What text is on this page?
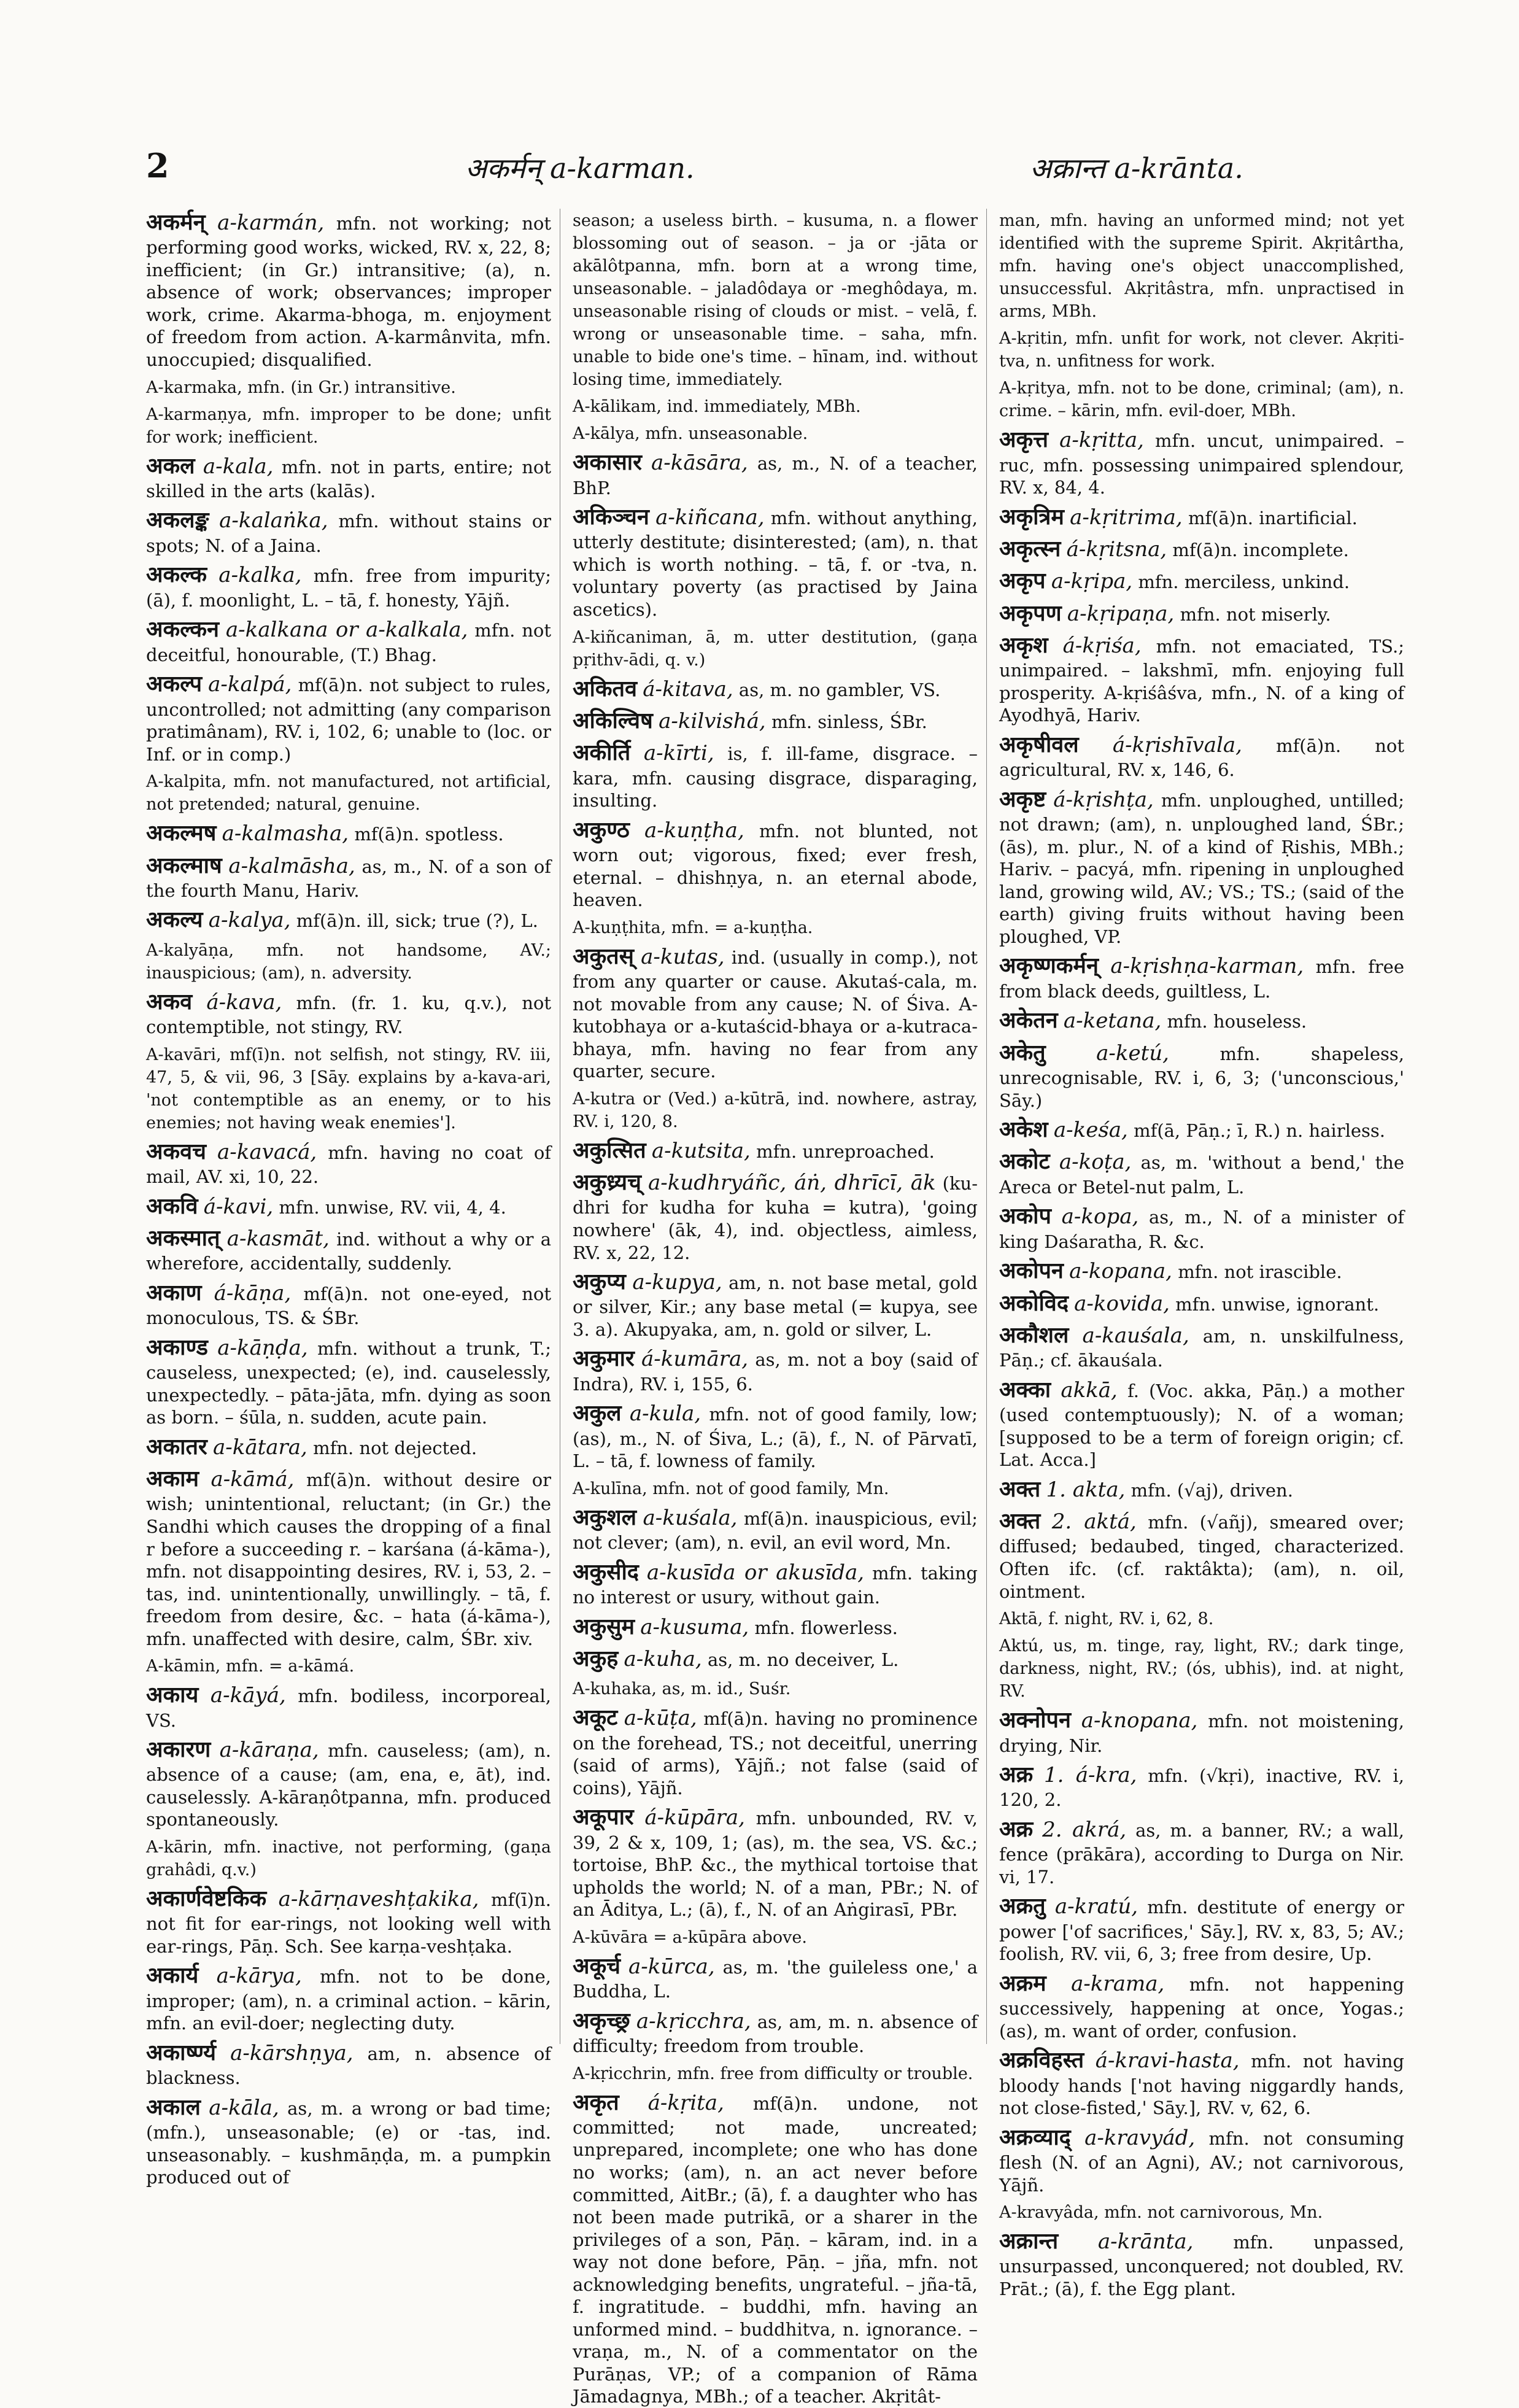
2	अकर्मन् a-karman.	अक्रान्त a-krānta.

अकर्मन् a-karmán, mfn. not working; not performing good works, wicked, RV. x, 22, 8; inefficient; (in Gr.) intransitive; (a), n. absence of work; observances; improper work, crime. Akarma-bhoga, m. enjoyment of freedom from action. A-karmânvita, mfn. unoccupied; disqualified.

A-karmaka, mfn. (in Gr.) intransitive.

A-karmaṇya, mfn. improper to be done; unfit for work; inefficient.

अकल a-kala, mfn. not in parts, entire; not skilled in the arts (kalās).

अकलङ्क a-kalaṅka, mfn. without stains or spots; N. of a Jaina.

अकल्क a-kalka, mfn. free from impurity; (ā), f. moonlight, L. – tā, f. honesty, Yājñ.

अकल्कन a-kalkana or a-kalkala, mfn. not deceitful, honourable, (T.) Bhag.

अकल्प a-kalpá, mf(ā)n. not subject to rules, uncontrolled; not admitting (any comparison pratimânam), RV. i, 102, 6; unable to (loc. or Inf. or in comp.)

A-kalpita, mfn. not manufactured, not artificial, not pretended; natural, genuine.

अकल्मष a-kalmasha, mf(ā)n. spotless.

अकल्माष a-kalmāsha, as, m., N. of a son of the fourth Manu, Hariv.

अकल्य a-kalya, mf(ā)n. ill, sick; true (?), L.

A-kalyāṇa, mfn. not handsome, AV.; inauspicious; (am), n. adversity.

अकव á-kava, mfn. (fr. 1. ku, q.v.), not contemptible, not stingy, RV.

A-kavāri, mf(ī)n. not selfish, not stingy, RV. iii, 47, 5, & vii, 96, 3 [Sāy. explains by a-kava-ari, 'not contemptible as an enemy, or to his enemies; not having weak enemies'].

अकवच a-kavacá, mfn. having no coat of mail, AV. xi, 10, 22.

अकवि á-kavi, mfn. unwise, RV. vii, 4, 4.

अकस्मात् a-kasmāt, ind. without a why or a wherefore, accidentally, suddenly.

अकाण á-kāṇa, mf(ā)n. not one-eyed, not monoculous, TS. & ŚBr.

अकाण्ड a-kāṇḍa, mfn. without a trunk, T.; causeless, unexpected; (e), ind. causelessly, unexpectedly. – pāta-jāta, mfn. dying as soon as born. – śūla, n. sudden, acute pain.

अकातर a-kātara, mfn. not dejected.

अकाम a-kāmá, mf(ā)n. without desire or wish; unintentional, reluctant; (in Gr.) the Sandhi which causes the dropping of a final r before a succeeding r. – karśana (á-kāma-), mfn. not disappointing desires, RV. i, 53, 2. – tas, ind. unintentionally, unwillingly. – tā, f. freedom from desire, &c. – hata (á-kāma-), mfn. unaffected with desire, calm, ŚBr. xiv.

A-kāmin, mfn. = a-kāmá.

अकाय a-kāyá, mfn. bodiless, incorporeal, VS.

अकारण a-kāraṇa, mfn. causeless; (am), n. absence of a cause; (am, ena, e, āt), ind. causelessly. A-kāraṇôtpanna, mfn. produced spontaneously.

A-kārin, mfn. inactive, not performing, (gaṇa grahâdi, q.v.)

अकार्णवेष्टकिक a-kārṇaveshṭakika, mf(ī)n. not fit for ear-rings, not looking well with ear-rings, Pāṇ. Sch. See karṇa-veshṭaka.

अकार्य a-kārya, mfn. not to be done, improper; (am), n. a criminal action. – kārin, mfn. an evil-doer; neglecting duty.

अकार्ष्ण्य a-kārshṇya, am, n. absence of blackness.

अकाल a-kāla, as, m. a wrong or bad time; (mfn.), unseasonable; (e) or -tas, ind. unseasonably. – kushmāṇḍa, m. a pumpkin produced out of

season; a useless birth. – kusuma, n. a flower blossoming out of season. – ja or -jāta or akālôtpanna, mfn. born at a wrong time, unseasonable. – jaladôdaya or -meghôdaya, m. unseasonable rising of clouds or mist. – velā, f. wrong or unseasonable time. – saha, mfn. unable to bide one's time. – hīnam, ind. without losing time, immediately.

A-kālikam, ind. immediately, MBh.

A-kālya, mfn. unseasonable.

अकासार a-kāsāra, as, m., N. of a teacher, BhP.

अकिञ्चन a-kiñcana, mfn. without anything, utterly destitute; disinterested; (am), n. that which is worth nothing. – tā, f. or -tva, n. voluntary poverty (as practised by Jaina ascetics).

A-kiñcaniman, ā, m. utter destitution, (gaṇa pṛithv-ādi, q. v.)

अकितव á-kitava, as, m. no gambler, VS.

अकिल्विष a-kilvishá, mfn. sinless, ŚBr.

अकीर्ति a-kīrti, is, f. ill-fame, disgrace. – kara, mfn. causing disgrace, disparaging, insulting.

अकुण्ठ a-kuṇṭha, mfn. not blunted, not worn out; vigorous, fixed; ever fresh, eternal. – dhishṇya, n. an eternal abode, heaven.

A-kuṇṭhita, mfn. = a-kuṇṭha.

अकुतस् a-kutas, ind. (usually in comp.), not from any quarter or cause. Akutaś-cala, m. not movable from any cause; N. of Śiva. A-kutobhaya or a-kutaścid-bhaya or a-kutraca-bhaya, mfn. having no fear from any quarter, secure.

A-kutra or (Ved.) a-kūtrā, ind. nowhere, astray, RV. i, 120, 8.

अकुत्सित a-kutsita, mfn. unreproached.

अकुध्र्यच् a-kudhryáñc, áṅ, dhrīcī, āk (ku-dhri for kudha for kuha = kutra), 'going nowhere' (āk, 4), ind. objectless, aimless, RV. x, 22, 12.

अकुप्य a-kupya, am, n. not base metal, gold or silver, Kir.; any base metal (= kupya, see 3. a). Akupyaka, am, n. gold or silver, L.

अकुमार á-kumāra, as, m. not a boy (said of Indra), RV. i, 155, 6.

अकुल a-kula, mfn. not of good family, low; (as), m., N. of Śiva, L.; (ā), f., N. of Pārvatī, L. – tā, f. lowness of family.

A-kulīna, mfn. not of good family, Mn.

अकुशल a-kuśala, mf(ā)n. inauspicious, evil; not clever; (am), n. evil, an evil word, Mn.

अकुसीद a-kusīda or akusīda, mfn. taking no interest or usury, without gain.

अकुसुम a-kusuma, mfn. flowerless.

अकुह a-kuha, as, m. no deceiver, L.

A-kuhaka, as, m. id., Suśr.

अकूट a-kūṭa, mf(ā)n. having no prominence on the forehead, TS.; not deceitful, unerring (said of arms), Yājñ.; not false (said of coins), Yājñ.

अकूपार á-kūpāra, mfn. unbounded, RV. v, 39, 2 & x, 109, 1; (as), m. the sea, VS. &c.; tortoise, BhP. &c., the mythical tortoise that upholds the world; N. of a man, PBr.; N. of an Āditya, L.; (ā), f., N. of an Aṅgirasī, PBr.

A-kūvāra = a-kūpāra above.

अकूर्च a-kūrca, as, m. 'the guileless one,' a Buddha, L.

अकृच्छ्र a-kṛicchra, as, am, m. n. absence of difficulty; freedom from trouble.

A-kṛicchrin, mfn. free from difficulty or trouble.

अकृत á-kṛita, mf(ā)n. undone, not committed; not made, uncreated; unprepared, incomplete; one who has done no works; (am), n. an act never before committed, AitBr.; (ā), f. a daughter who has not been made putrikā, or a sharer in the privileges of a son, Pāṇ. – kāram, ind. in a way not done before, Pāṇ. – jña, mfn. not acknowledging benefits, ungrateful. – jña-tā, f. ingratitude. – buddhi, mfn. having an unformed mind. – buddhitva, n. ignorance. – vraṇa, m., N. of a commentator on the Purāṇas, VP.; of a companion of Rāma Jāmadagnya, MBh.; of a teacher. Akṛitât-

man, mfn. having an unformed mind; not yet identified with the supreme Spirit. Akṛitârtha, mfn. having one's object unaccomplished, unsuccessful. Akṛitâstra, mfn. unpractised in arms, MBh.

A-kṛitin, mfn. unfit for work, not clever. Akṛiti-tva, n. unfitness for work.

A-kṛitya, mfn. not to be done, criminal; (am), n. crime. – kārin, mfn. evil-doer, MBh.

अकृत्त a-kṛitta, mfn. uncut, unimpaired. – ruc, mfn. possessing unimpaired splendour, RV. x, 84, 4.

अकृत्रिम a-kṛitrima, mf(ā)n. inartificial.

अकृत्स्न á-kṛitsna, mf(ā)n. incomplete.

अकृप a-kṛipa, mfn. merciless, unkind.

अकृपण a-kṛipaṇa, mfn. not miserly.

अकृश á-kṛiśa, mfn. not emaciated, TS.; unimpaired. – lakshmī, mfn. enjoying full prosperity. A-kṛiśâśva, mfn., N. of a king of Ayodhyā, Hariv.

अकृषीवल á-kṛishīvala, mf(ā)n. not agricultural, RV. x, 146, 6.

अकृष्ट á-kṛishṭa, mfn. unploughed, untilled; not drawn; (am), n. unploughed land, ŚBr.; (ās), m. plur., N. of a kind of Ṛishis, MBh.; Hariv. – pacyá, mfn. ripening in unploughed land, growing wild, AV.; VS.; TS.; (said of the earth) giving fruits without having been ploughed, VP.

अकृष्णकर्मन् a-kṛishṇa-karman, mfn. free from black deeds, guiltless, L.

अकेतन a-ketana, mfn. houseless.

अकेतु a-ketú,	mfn. shapeless, unrecognisable, RV. i, 6, 3; ('unconscious,' Sāy.)

अकेश a-keśa, mf(ā, Pāṇ.; ī, R.) n. hairless.

अकोट a-koṭa, as, m. 'without a bend,' the Areca or Betel-nut palm, L.

अकोप a-kopa, as, m., N. of a minister of king Daśaratha, R. &c.

अकोपन a-kopana, mfn. not irascible.

अकोविद a-kovida, mfn. unwise, ignorant.

अकौशल a-kauśala, am, n. unskilfulness, Pāṇ.; cf. ākauśala.

अक्का akkā, f. (Voc. akka, Pāṇ.) a mother (used contemptuously); N. of a woman; [supposed to be a term of foreign origin; cf. Lat. Acca.]

अक्त 1. akta, mfn. (√aj), driven.

अक्त 2. aktá, mfn. (√añj), smeared over; diffused; bedaubed, tinged, characterized. Often ifc. (cf. raktâkta); (am), n. oil, ointment.

Aktā, f. night, RV. i, 62, 8.

Aktú, us, m. tinge, ray, light, RV.; dark tinge, darkness, night, RV.; (ós, ubhis), ind. at night, RV.

अक्नोपन a-knopana, mfn. not moistening, drying, Nir.

अक्र 1. á-kra, mfn. (√kṛi), inactive, RV. i, 120, 2.

अक्र 2. akrá, as, m. a banner, RV.; a wall, fence (prākāra), according to Durga on Nir. vi, 17.

अक्रतु a-kratú, mfn. destitute of energy or power ['of sacrifices,' Sāy.], RV. x, 83, 5; AV.; foolish, RV. vii, 6, 3; free from desire, Up.

अक्रम a-krama, mfn. not happening successively, happening at once, Yogas.; (as), m. want of order, confusion.

अक्रविहस्त á-kravi-hasta, mfn. not having bloody hands ['not having niggardly hands, not close-fisted,' Sāy.], RV. v, 62, 6.

अक्रव्याद् a-kravyád, mfn. not consuming flesh (N. of an Agni), AV.; not carnivorous, Yājñ.

A-kravyâda, mfn. not carnivorous, Mn.

अक्रान्त a-krānta, mfn. unpassed, unsurpassed, unconquered; not doubled, RV. Prāt.; (ā), f. the Egg plant.
